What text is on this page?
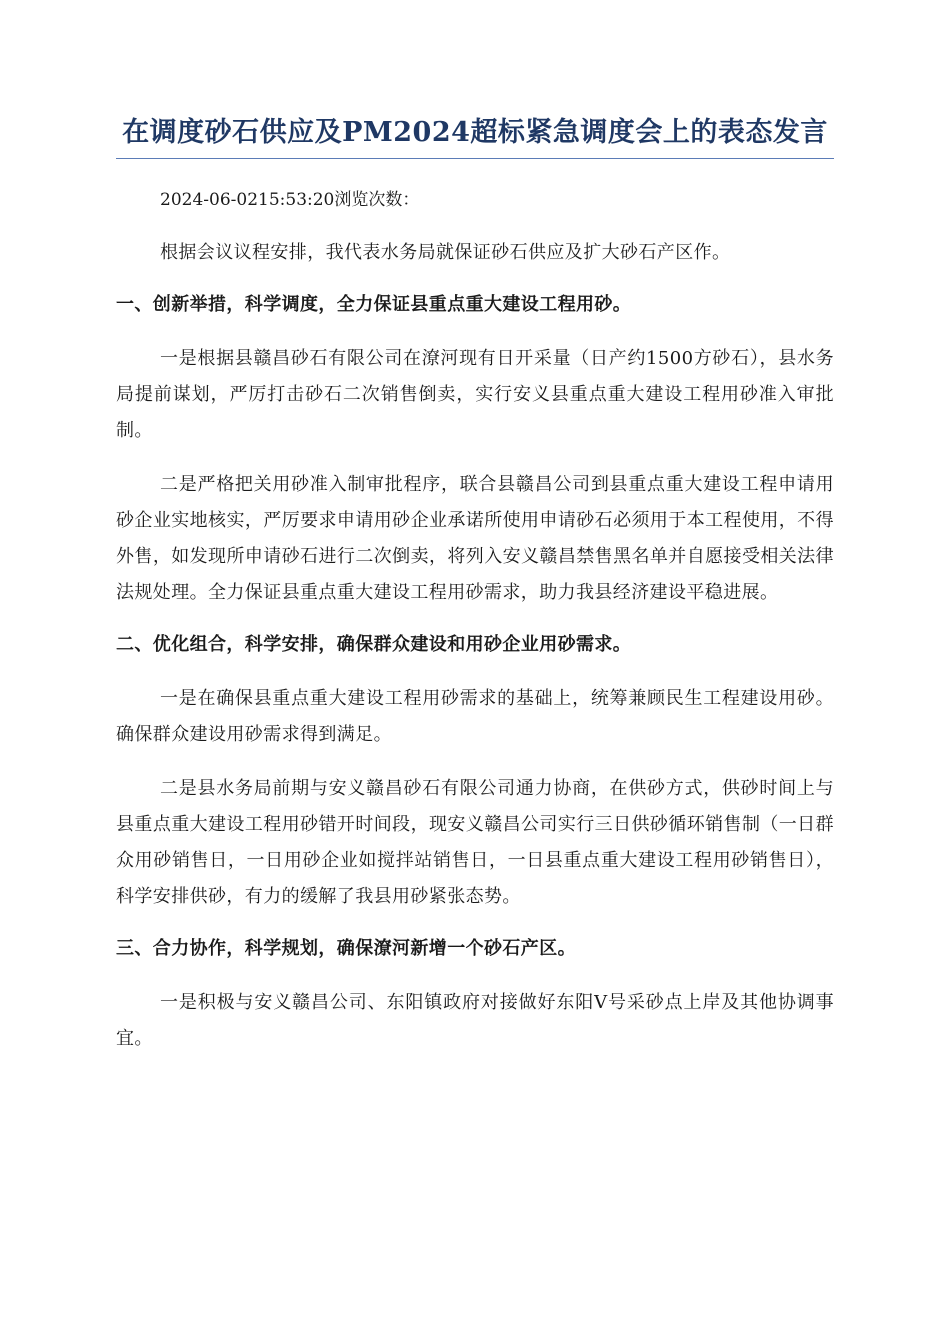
在调度砂石供应及PM2024超标紧急调度会上的表态发言
2024-06-0215:53:20浏览次数：

根据会议议程安排，我代表水务局就保证砂石供应及扩大砂石产区作。

一、创新举措，科学调度，全力保证县重点重大建设工程用砂。

一是根据县赣昌砂石有限公司在潦河现有日开采量（日产约1500方砂石），县水务局提前谋划，严厉打击砂石二次销售倒卖，实行安义县重点重大建设工程用砂准入审批制。

二是严格把关用砂准入制审批程序，联合县赣昌公司到县重点重大建设工程申请用砂企业实地核实，严厉要求申请用砂企业承诺所使用申请砂石必须用于本工程使用，不得外售，如发现所申请砂石进行二次倒卖，将列入安义赣昌禁售黑名单并自愿接受相关法律法规处理。全力保证县重点重大建设工程用砂需求，助力我县经济建设平稳进展。

二、优化组合，科学安排，确保群众建设和用砂企业用砂需求。

一是在确保县重点重大建设工程用砂需求的基础上，统筹兼顾民生工程建设用砂。确保群众建设用砂需求得到满足。

二是县水务局前期与安义赣昌砂石有限公司通力协商，在供砂方式，供砂时间上与县重点重大建设工程用砂错开时间段，现安义赣昌公司实行三日供砂循环销售制（一日群众用砂销售日，一日用砂企业如搅拌站销售日，一日县重点重大建设工程用砂销售日），科学安排供砂，有力的缓解了我县用砂紧张态势。

三、合力协作，科学规划，确保潦河新增一个砂石产区。

一是积极与安义赣昌公司、东阳镇政府对接做好东阳Ⅴ号采砂点上岸及其他协调事宜。
